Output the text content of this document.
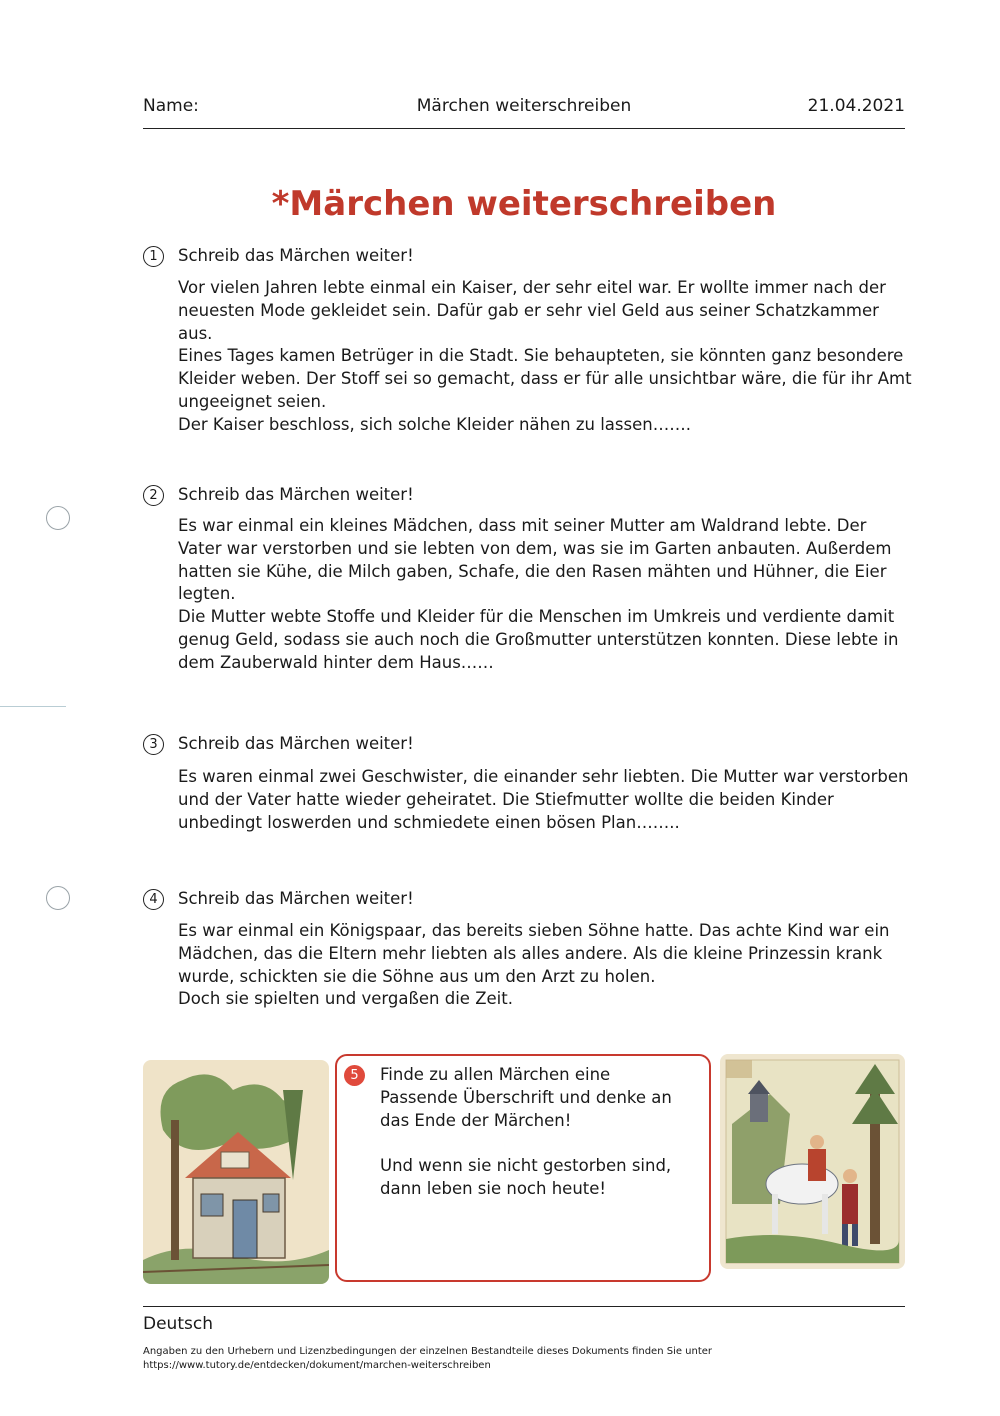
Name:	Märchen weiterschreiben	21.04.2021
*Märchen weiterschreiben
1	Schreib das Märchen weiter!
Vor vielen Jahren lebte einmal ein Kaiser, der sehr eitel war. Er wollte immer nach der
neuesten Mode gekleidet sein. Dafür gab er sehr viel Geld aus seiner Schatzkammer
aus.
Eines Tages kamen Betrüger in die Stadt. Sie behaupteten, sie könnten ganz besondere
Kleider weben. Der Stoff sei so gemacht, dass er für alle unsichtbar wäre, die für ihr Amt
ungeeignet seien.
Der Kaiser beschloss, sich solche Kleider nähen zu lassen…….
2	Schreib das Märchen weiter!
Es war einmal ein kleines Mädchen, dass mit seiner Mutter am Waldrand lebte. Der
Vater war verstorben und sie lebten von dem, was sie im Garten anbauten. Außerdem
hatten sie Kühe, die Milch gaben, Schafe, die den Rasen mähten und Hühner, die Eier
legten.
Die Mutter webte Stoffe und Kleider für die Menschen im Umkreis und verdiente damit
genug Geld, sodass sie auch noch die Großmutter unterstützen konnten. Diese lebte in
dem Zauberwald hinter dem Haus……
3	Schreib das Märchen weiter!
Es waren einmal zwei Geschwister, die einander sehr liebten. Die Mutter war verstorben
und der Vater hatte wieder geheiratet. Die Stiefmutter wollte die beiden Kinder
unbedingt loswerden und schmiedete einen bösen Plan……..
4	Schreib das Märchen weiter!
Es war einmal ein Königspaar, das bereits sieben Söhne hatte. Das achte Kind war ein
Mädchen, das die Eltern mehr liebten als alles andere. Als die kleine Prinzessin krank
wurde, schickten sie die Söhne aus um den Arzt zu holen.
Doch sie spielten und vergaßen die Zeit.
5	Finde zu allen Märchen eine
Passende Überschrift und denke an
das Ende der Märchen!
Und wenn sie nicht gestorben sind,
dann leben sie noch heute!
Deutsch
Angaben zu den Urhebern und Lizenzbedingungen der einzelnen Bestandteile dieses Dokuments finden Sie unter
https://www.tutory.de/entdecken/dokument/marchen-weiterschreiben
